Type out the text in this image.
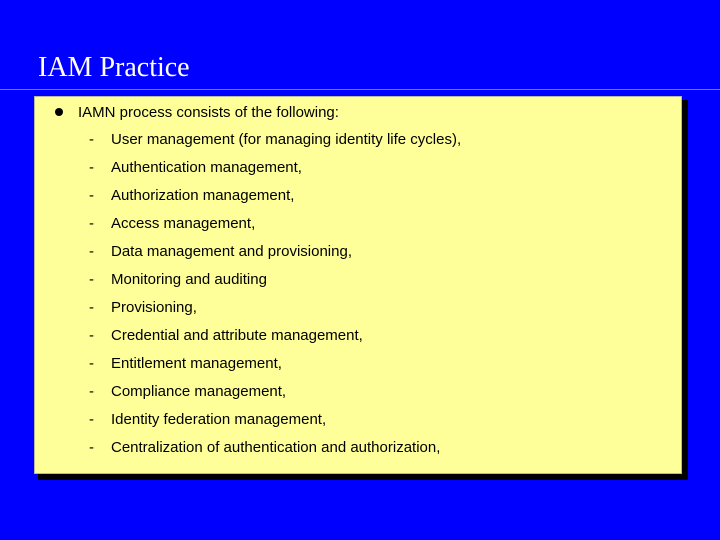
IAM Practice
IAMN process consists of the following:
-	User management (for managing identity life cycles),
-	Authentication management,
-	Authorization management,
-	Access management,
-	Data management and provisioning,
-	Monitoring and auditing
-	Provisioning,
-	Credential and attribute management,
-	Entitlement management,
-	Compliance management,
-	Identity federation management,
-	Centralization of authentication and authorization,
